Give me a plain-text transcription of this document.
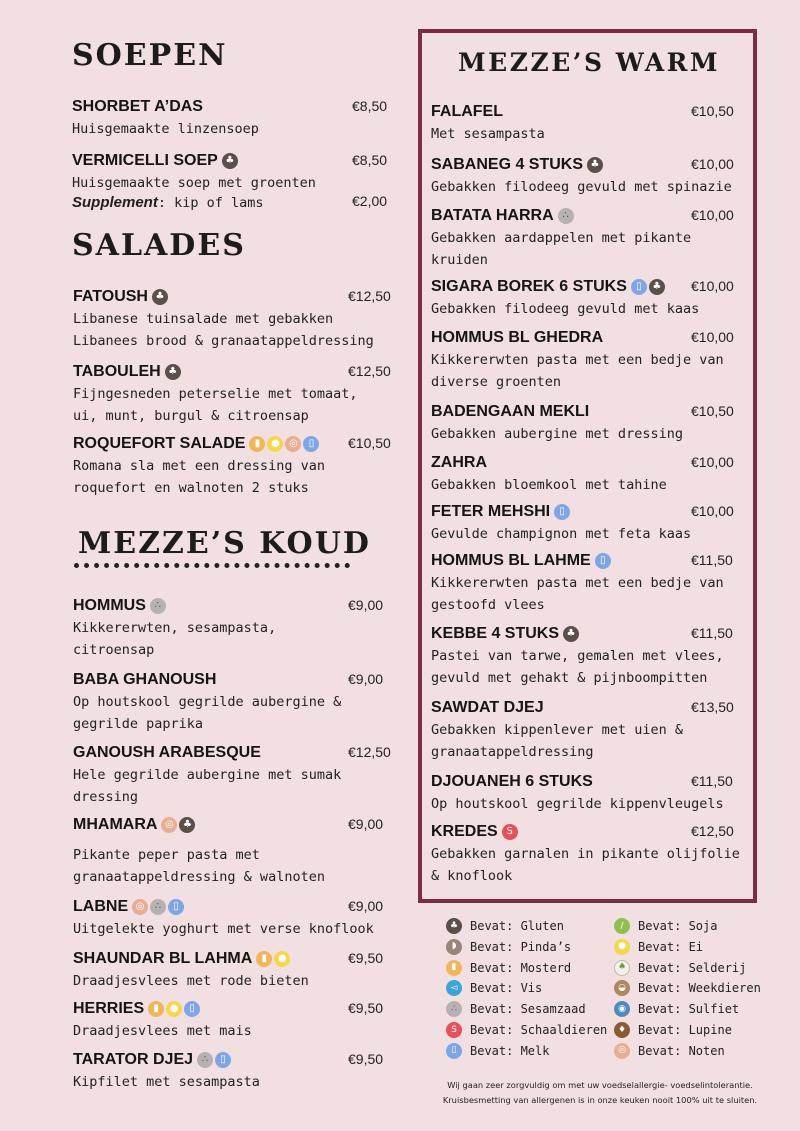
SOEPEN
SALADES
MEZZE’S KOUD
MEZZE’S WARM
SHORBET A’DAS	€8,50

Huisgemaakte linzensoep

VERMICELLI SOEP ♣	€8,50

Huisgemaakte soep met groenten

FATOUSH ♣	€12,50

Libanese tuinsalade met gebakken
Libanees brood & granaatappeldressing

TABOULEH ♣	€12,50

Fijngesneden peterselie met tomaat,
ui, munt, burgul & citroensap

ROQUEFORT SALADE ▮	● ◎	▯	€10,50

Romana sla met een dressing van
roquefort en walnoten 2 stuks

HOMMUS ∴	€9,00

Kikkererwten, sesampasta,
citroensap

BABA GHANOUSH	€9,00

Op houtskool gegrilde aubergine &
gegrilde paprika

GANOUSH ARABESQUE	€12,50

Hele gegrilde aubergine met sumak
dressing

MHAMARA ◎ ♣	€9,00

Pikante peper pasta met
granaatappeldressing & walnoten

LABNE ◎	∴	▯	€9,00

Uitgelekte yoghurt met verse knoflook

SHAUNDAR BL LAHMA ▮	●	€9,50

Draadjesvlees met rode bieten

HERRIES ▮	●	▯	€9,50

Draadjesvlees met mais

TARATOR DJEJ ∴	▯	€9,50

Kipfilet met sesampasta

FALAFEL	€10,50

Met sesampasta

SABANEG 4 STUKS ♣	€10,00

Gebakken filodeeg gevuld met spinazie

BATATA HARRA ∴	€10,00

Gebakken aardappelen met pikante
kruiden

SIGARA BOREK 6 STUKS ▯	♣ €10,00

Gebakken filodeeg gevuld met kaas

HOMMUS BL GHEDRA	€10,00

Kikkererwten pasta met een bedje van
diverse groenten

BADENGAAN MEKLI	€10,50

Gebakken aubergine met dressing

ZAHRA	€10,00

Gebakken bloemkool met tahine

FETER MEHSHI ▯	€10,00

Gevulde champignon met feta kaas

HOMMUS BL LAHME ▯	€11,50

Kikkererwten pasta met een bedje van
gestoofd vlees

KEBBE 4 STUKS ♣	€11,50

Pastei van tarwe, gemalen met vlees,
gevuld met gehakt & pijnboompitten

SAWDAT DJEJ	€13,50

Gebakken kippenlever met uien &
granaatappeldressing

DJOUANEH 6 STUKS	€11,50

Op houtskool gegrilde kippenvleugels

KREDES S	€12,50

Gebakken garnalen in pikante olijfolie
& knoflook

Supplement: kip of lams	€2,00
♣ Bevat: Gluten
◗	Bevat: Pinda’s
▮	Bevat: Mosterd
◅	Bevat: Vis
∴	Bevat: Sesamzaad
S	Bevat: Schaaldieren
▯	Bevat: Melk
/	Bevat: Soja
●	Bevat: Ei
♠ Bevat: Selderij
◒	Bevat: Weekdieren
◉	Bevat: Sulfiet
♦ Bevat: Lupine
◎	Bevat: Noten

Wij gaan zeer zorgvuldig om met uw voedselallergie- voedselintolerantie.

Kruisbesmetting van allergenen is in onze keuken nooit 100% uit te sluiten.
